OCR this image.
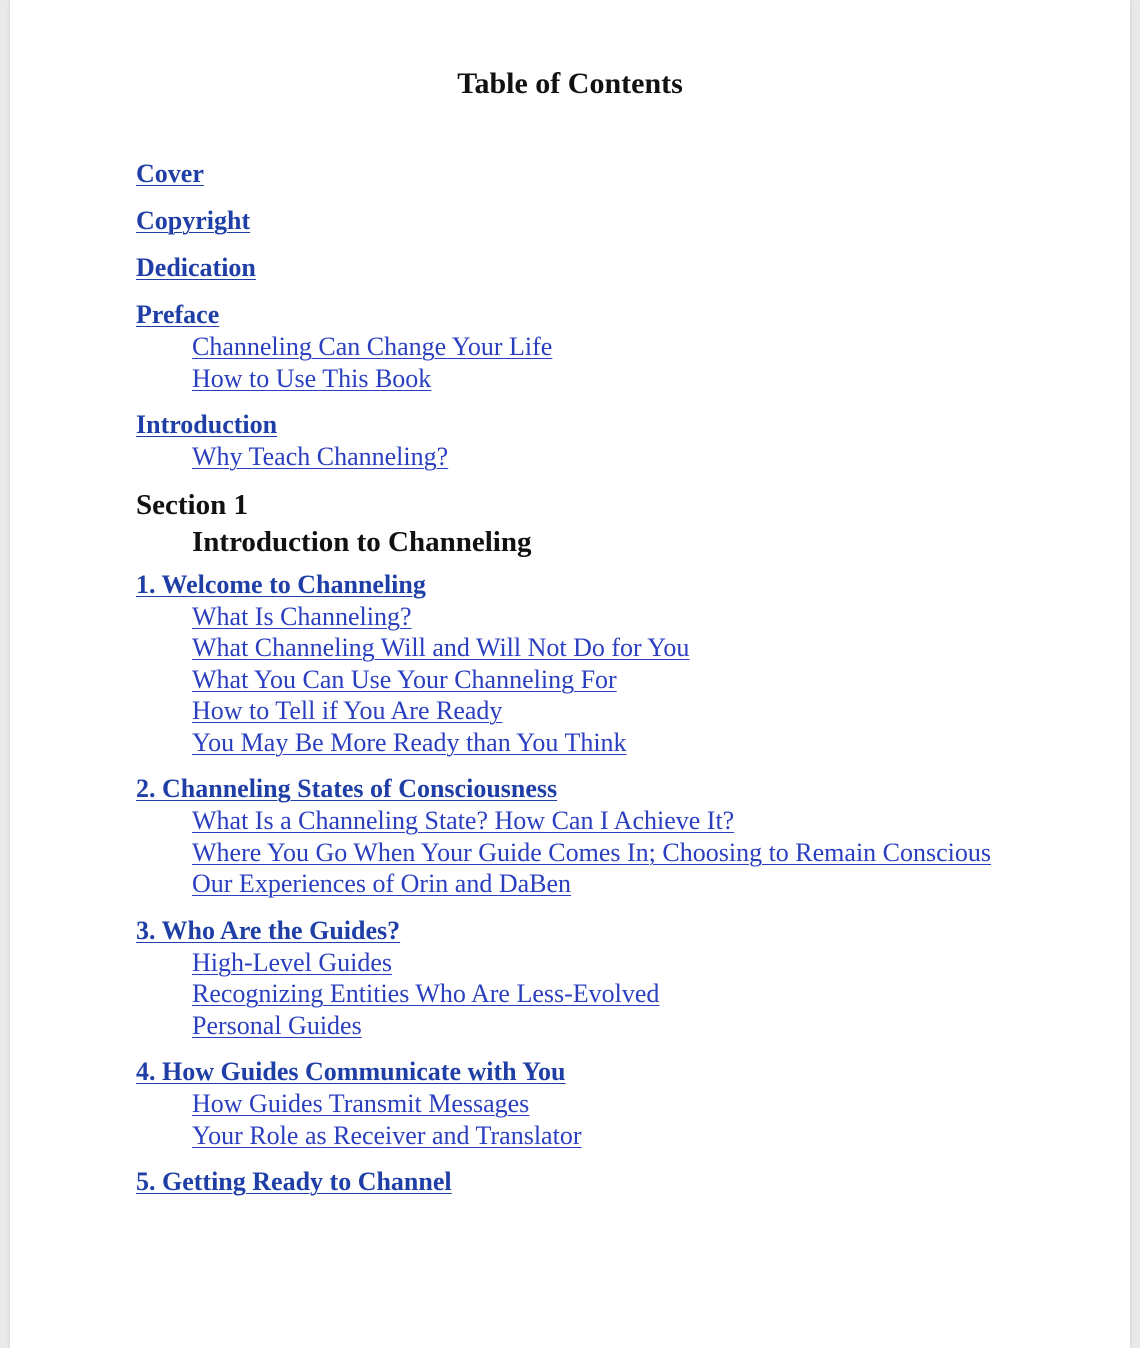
Table of Contents
Cover
Copyright
Dedication
Preface
Channeling Can Change Your Life
How to Use This Book
Introduction
Why Teach Channeling?
Section 1
Introduction to Channeling
1. Welcome to Channeling
What Is Channeling?
What Channeling Will and Will Not Do for You
What You Can Use Your Channeling For
How to Tell if You Are Ready
You May Be More Ready than You Think
2. Channeling States of Consciousness
What Is a Channeling State? How Can I Achieve It?
Where You Go When Your Guide Comes In; Choosing to Remain Conscious
Our Experiences of Orin and DaBen
3. Who Are the Guides?
High-Level Guides
Recognizing Entities Who Are Less-Evolved
Personal Guides
4. How Guides Communicate with You
How Guides Transmit Messages
Your Role as Receiver and Translator
5. Getting Ready to Channel
